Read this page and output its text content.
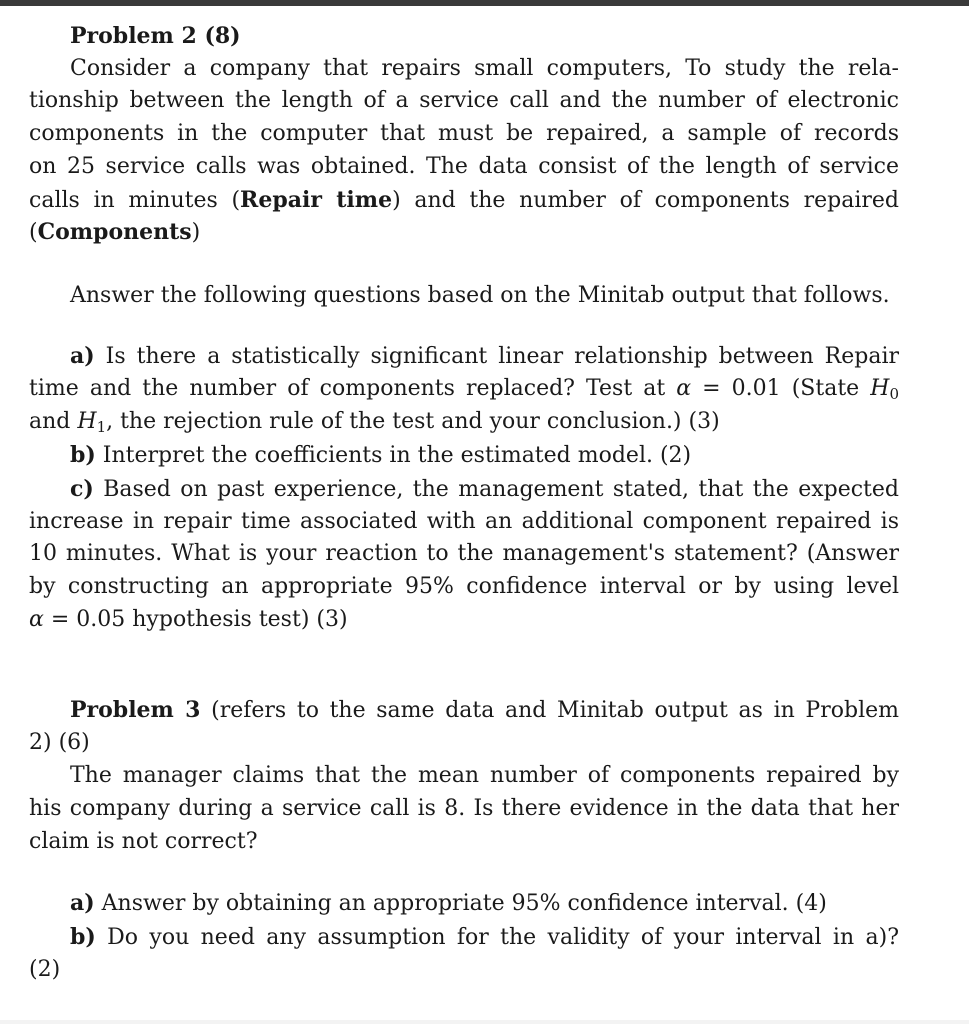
Problem 2 (8)
Consider a company that repairs small computers, To study the rela-
tionship between the length of a service call and the number of electronic
components in the computer that must be repaired, a sample of records
on 25 service calls was obtained. The data consist of the length of service
calls in minutes (Repair time) and the number of components repaired
(Components)
Answer the following questions based on the Minitab output that follows.
a) Is there a statistically significant linear relationship between Repair
time and the number of components replaced? Test at α = 0.01 (State $H_0$
and $H_1$, the rejection rule of the test and your conclusion.) (3)
b) Interpret the coefficients in the estimated model. (2)
c) Based on past experience, the management stated, that the expected
increase in repair time associated with an additional component repaired is
10 minutes. What is your reaction to the management's statement? (Answer
by constructing an appropriate 95% confidence interval or by using level
α = 0.05 hypothesis test) (3)
Problem 3 (refers to the same data and Minitab output as in Problem
2) (6)
The manager claims that the mean number of components repaired by
his company during a service call is 8. Is there evidence in the data that her
claim is not correct?
a) Answer by obtaining an appropriate 95% confidence interval. (4)
b) Do you need any assumption for the validity of your interval in a)?
(2)
